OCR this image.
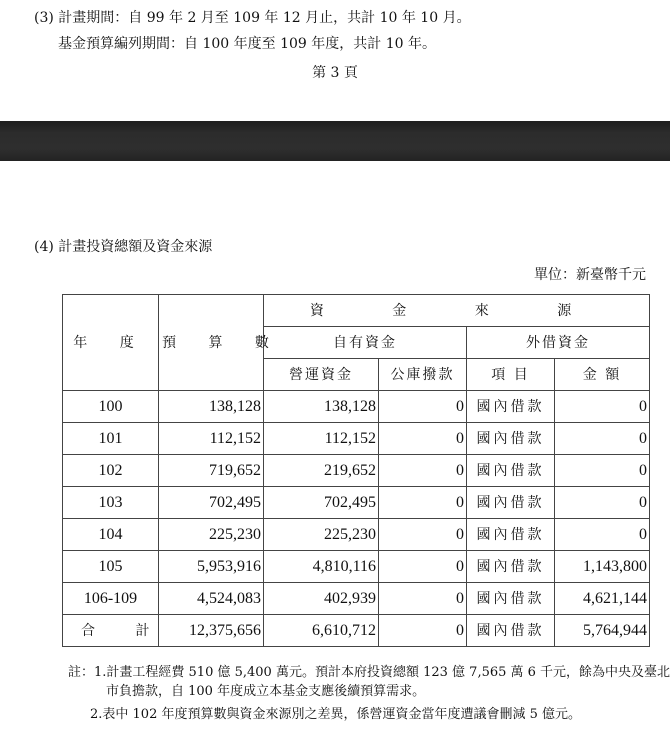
(3) 計畫期間：自 99 年 2 月至 109 年 12 月止，共計 10 年 10 月。
基金預算編列期間：自 100 年度至 109 年度，共計 10 年。
第 3 頁
(4) 計畫投資總額及資金來源
單位：新臺幣千元
年 度	預 算 數	資 金 來 源			
		自有資金		外借資金	
		營運資金	公庫撥款	項 目	金 額
100	138,128	138,128	0	國內借款	0
101	112,152	112,152	0	國內借款	0
102	719,652	219,652	0	國內借款	0
103	702,495	702,495	0	國內借款	0
104	225,230	225,230	0	國內借款	0
105	5,953,916	4,810,116	0	國內借款	1,143,800
106-109	4,524,083	402,939	0	國內借款	4,621,144
合 計	12,375,656	6,610,712	0	國內借款	5,764,944
註：1.計畫工程經費 510 億 5,400 萬元。預計本府投資總額 123 億 7,565 萬 6 千元，餘為中央及臺北
市負擔款，自 100 年度成立本基金支應後續預算需求。
2.表中 102 年度預算數與資金來源別之差異，係營運資金當年度遭議會刪減 5 億元。
